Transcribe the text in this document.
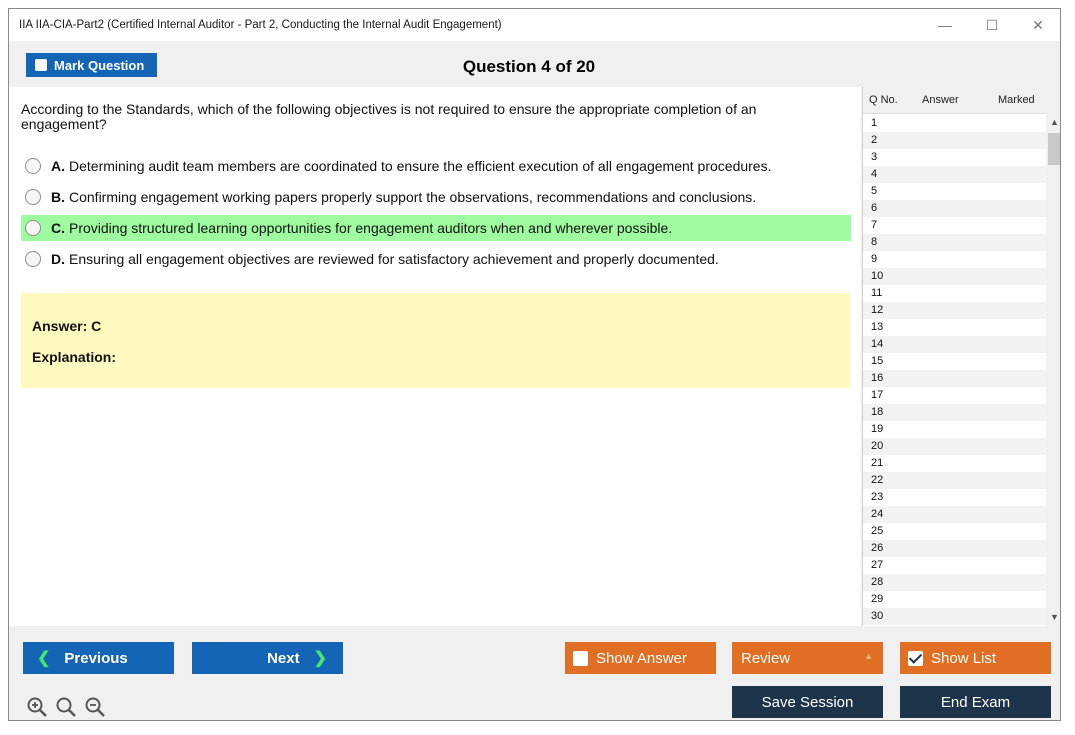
IIA IIA-CIA-Part2 (Certified Internal Auditor - Part 2, Conducting the Internal Audit Engagement)	— ☐ ✕
Mark Question	Question 4 of 20
According to the Standards, which of the following objectives is not required to ensure the appropriate completion of an engagement?
A. Determining audit team members are coordinated to ensure the efficient execution of all engagement procedures.
B. Confirming engagement working papers properly support the observations, recommendations and conclusions.
C. Providing structured learning opportunities for engagement auditors when and wherever possible.
D. Ensuring all engagement objectives are reviewed for satisfactory achievement and properly documented.
Answer: C
Explanation:
Q No. Answer	Marked
1
2
3
4
5
6
7
8
9
10
11
12
13
14
15
16
17
18
19
20
21
22
23
24
25
26
27
28
29
30
▲
▼
❮ Previous	Next ❯	Show Answer	Review	▲	Show List
Save Session	End Exam
